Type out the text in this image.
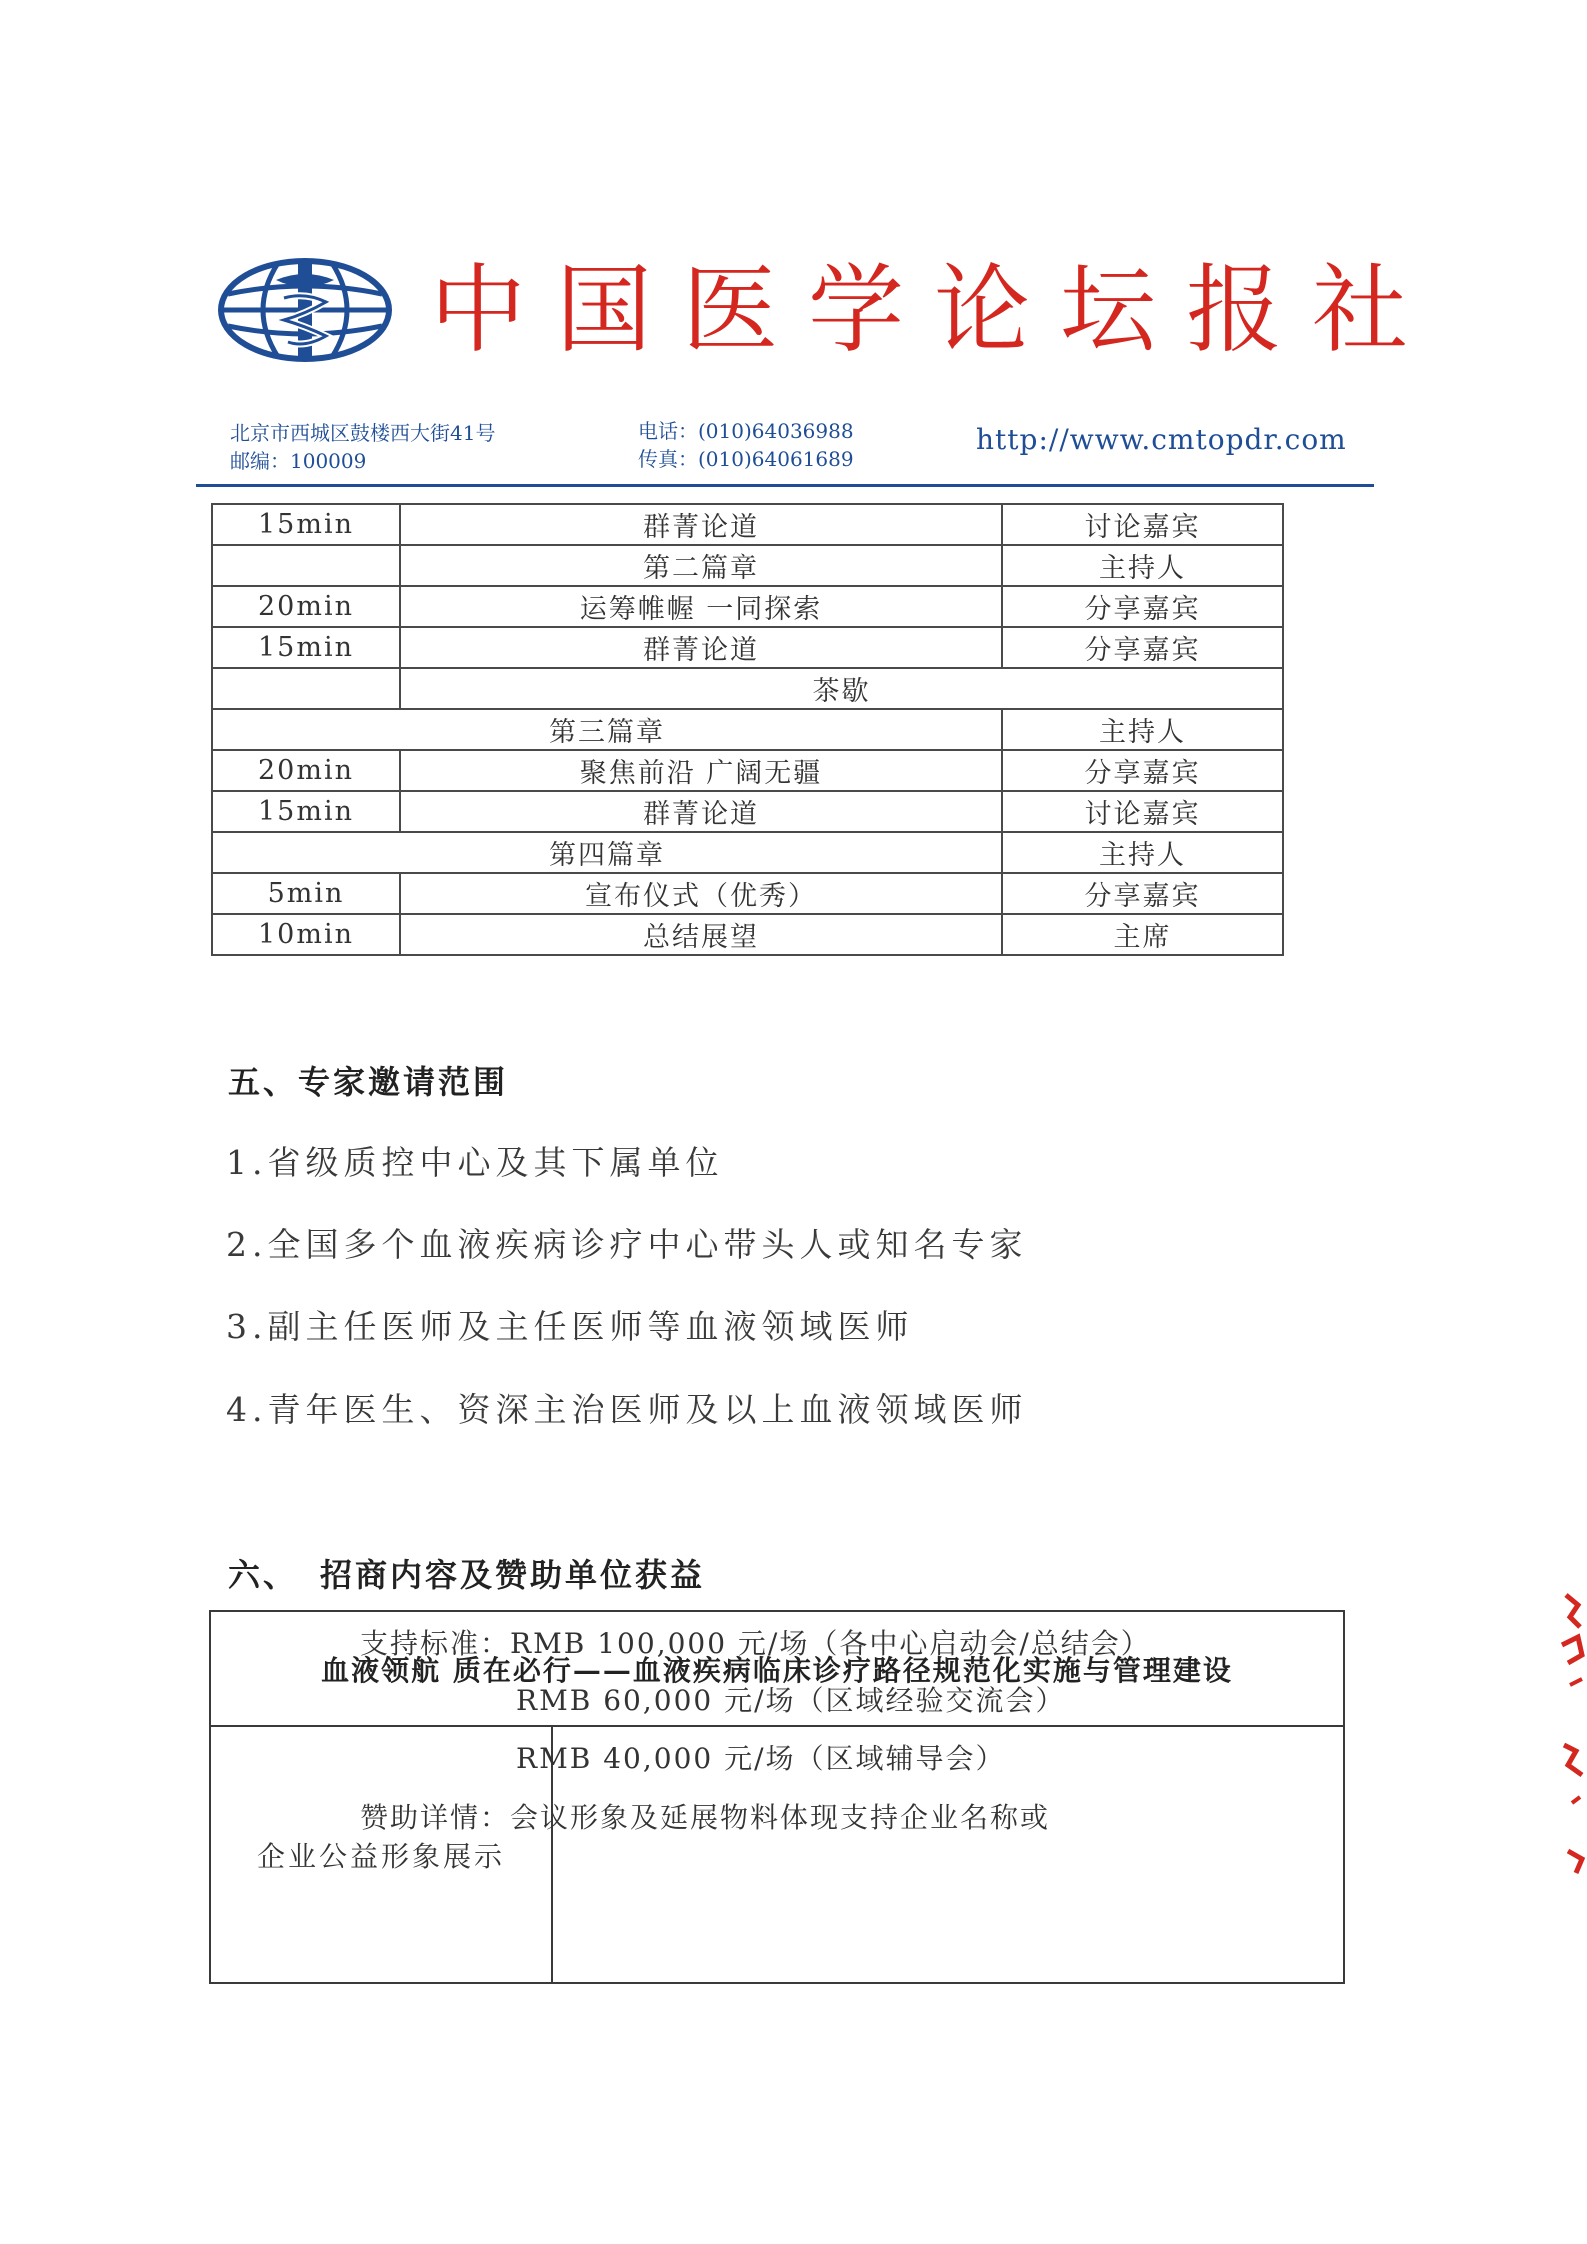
中国医学论坛报社
北京市西城区鼓楼西大街41号
邮编：100009
电话：(010)64036988
传真：(010)64061689
http://www.cmtopdr.com
15min	群菁论道	讨论嘉宾
	第二篇章	主持人
20min	运筹帷幄 一同探索	分享嘉宾
15min	群菁论道	分享嘉宾
	茶歇	
第三篇章		主持人
20min	聚焦前沿 广阔无疆	分享嘉宾
15min	群菁论道	讨论嘉宾
第四篇章		主持人
5min	宣布仪式（优秀）	分享嘉宾
10min	总结展望	主席
五、专家邀请范围
1.省级质控中心及其下属单位
2.全国多个血液疾病诊疗中心带头人或知名专家
3.副主任医师及主任医师等血液领域医师
4.青年医生、资深主治医师及以上血液领域医师
六、 招商内容及赞助单位获益
血液领航 质在必行——血液疾病临床诊疗路径规范化实施与管理建设
企业公益形象展示
支持标准：RMB 100,000 元/场（各中心启动会/总结会）
RMB 60,000 元/场（区域经验交流会）
RMB 40,000 元/场（区域辅导会）
赞助详情：会议形象及延展物料体现支持企业名称或
